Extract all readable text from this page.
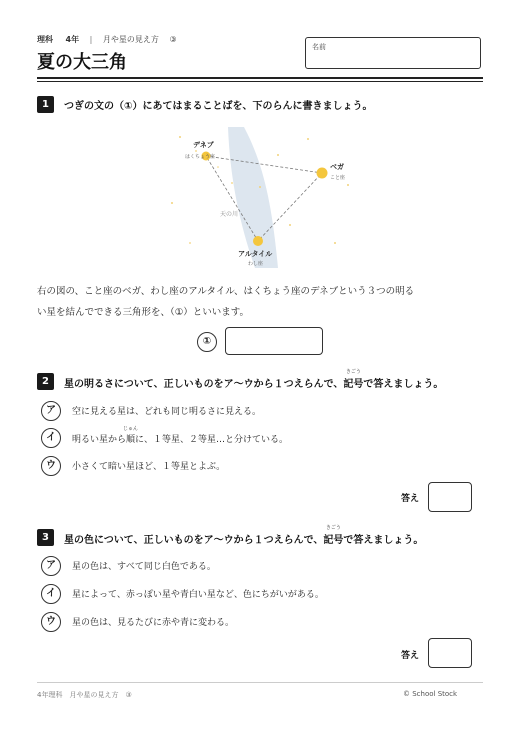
理科 4年 | 月や星の見え方 ③
夏の大三角
名前
1	つぎの文の（①）にあてはまることばを、下のらんに書きましょう。
デネブ
はくちょう座
ベガ
こと座
天の川
アルタイル
わし座
右の図の、こと座のベガ、わし座のアルタイル、はくちょう座のデネブという３つの明る
い星を結んでできる三角形を、（①）といいます。
①
2	星の明るさについて、正しいものをア〜ウから１つえらんで、記号
きごう
で答えましょう。
ア	空に見える星は、どれも同じ明るさに見える。
イ	明るい星から順
じゅん
に、１等星、２等星…と分けている。
ウ	小さくて暗い星ほど、１等星とよぶ。
答え
3	星の色について、正しいものをア〜ウから１つえらんで、記号
きごう
で答えましょう。
ア	星の色は、すべて同じ白色である。
イ	星によって、赤っぽい星や青白い星など、色にちがいがある。
ウ	星の色は、見るたびに赤や青に変わる。
答え
4年理科　月や星の見え方　③	© School Stock
